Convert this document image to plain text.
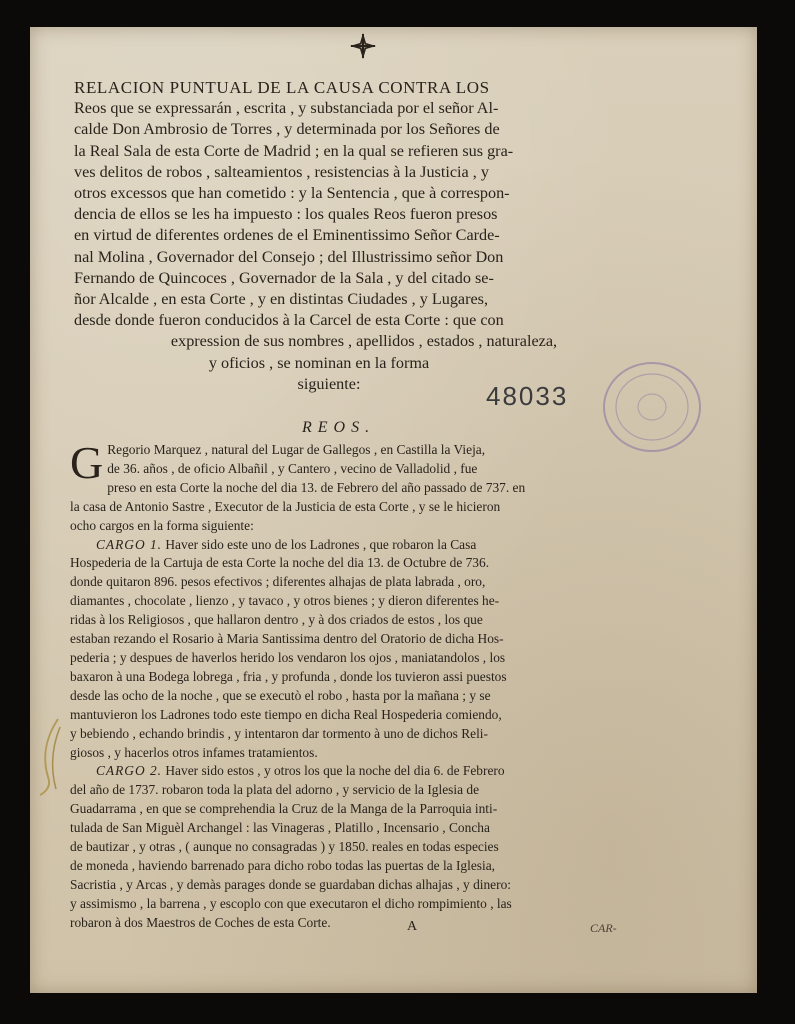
RELACION PUNTUAL DE LA CAUSA CONTRA LOS
Reos que se expressarán , escrita , y substanciada por el señor Al-
calde Don Ambrosio de Torres , y determinada por los Señores de
la Real Sala de esta Corte de Madrid ; en la qual se refieren sus gra-
ves delitos de robos , salteamientos , resistencias à la Justicia , y
otros excessos que han cometido : y la Sentencia , que à correspon-
dencia de ellos se les ha impuesto : los quales Reos fueron presos
en virtud de diferentes ordenes de el Eminentissimo Señor Carde-
nal Molina , Governador del Consejo ; del Illustrissimo señor Don
Fernando de Quincoces , Governador de la Sala , y del citado se-
ñor Alcalde , en esta Corte , y en distintas Ciudades , y Lugares,
desde donde fueron conducidos à la Carcel de esta Corte : que con
expression de sus nombres , apellidos , estados , naturaleza,
y oficios , se nominan en la forma
siguiente:	48033
REOS.

G Regorio Marquez , natural del Lugar de Gallegos , en Castilla la Vieja,
de 36. años , de oficio Albañil , y Cantero , vecino de Valladolid , fue
preso en esta Corte la noche del dia 13. de Febrero del año passado de 737. en
la casa de Antonio Sastre , Executor de la Justicia de esta Corte , y se le hicieron
ocho cargos en la forma siguiente:

CARGO 1. Haver sido este uno de los Ladrones , que robaron la Casa
Hospederia de la Cartuja de esta Corte la noche del dia 13. de Octubre de 736.
donde quitaron 896. pesos efectivos ; diferentes alhajas de plata labrada , oro,
diamantes , chocolate , lienzo , y tavaco , y otros bienes ; y dieron diferentes he-
ridas à los Religiosos , que hallaron dentro , y à dos criados de estos , los que
estaban rezando el Rosario à Maria Santissima dentro del Oratorio de dicha Hos-
pederia ; y despues de haverlos herido los vendaron los ojos , maniatandolos , los
baxaron à una Bodega lobrega , fria , y profunda , donde los tuvieron assi puestos
desde las ocho de la noche , que se executò el robo , hasta por la mañana ; y se
mantuvieron los Ladrones todo este tiempo en dicha Real Hospederia comiendo,
y bebiendo , echando brindis , y intentaron dar tormento à uno de dichos Reli-
giosos , y hacerlos otros infames tratamientos.

CARGO 2. Haver sido estos , y otros los que la noche del dia 6. de Febrero
del año de 1737. robaron toda la plata del adorno , y servicio de la Iglesia de
Guadarrama , en que se comprehendia la Cruz de la Manga de la Parroquia inti-
tulada de San Miguèl Archangel : las Vinageras , Platillo , Incensario , Concha
de bautizar , y otras , ( aunque no consagradas ) y 1850. reales en todas especies
de moneda , haviendo barrenado para dicho robo todas las puertas de la Iglesia,
Sacristia , y Arcas , y demàs parages donde se guardaban dichas alhajas , y dinero:
y assimismo , la barrena , y escoplo con que executaron el dicho rompimiento , las
robaron à dos Maestros de Coches de esta Corte.	A	CAR-
